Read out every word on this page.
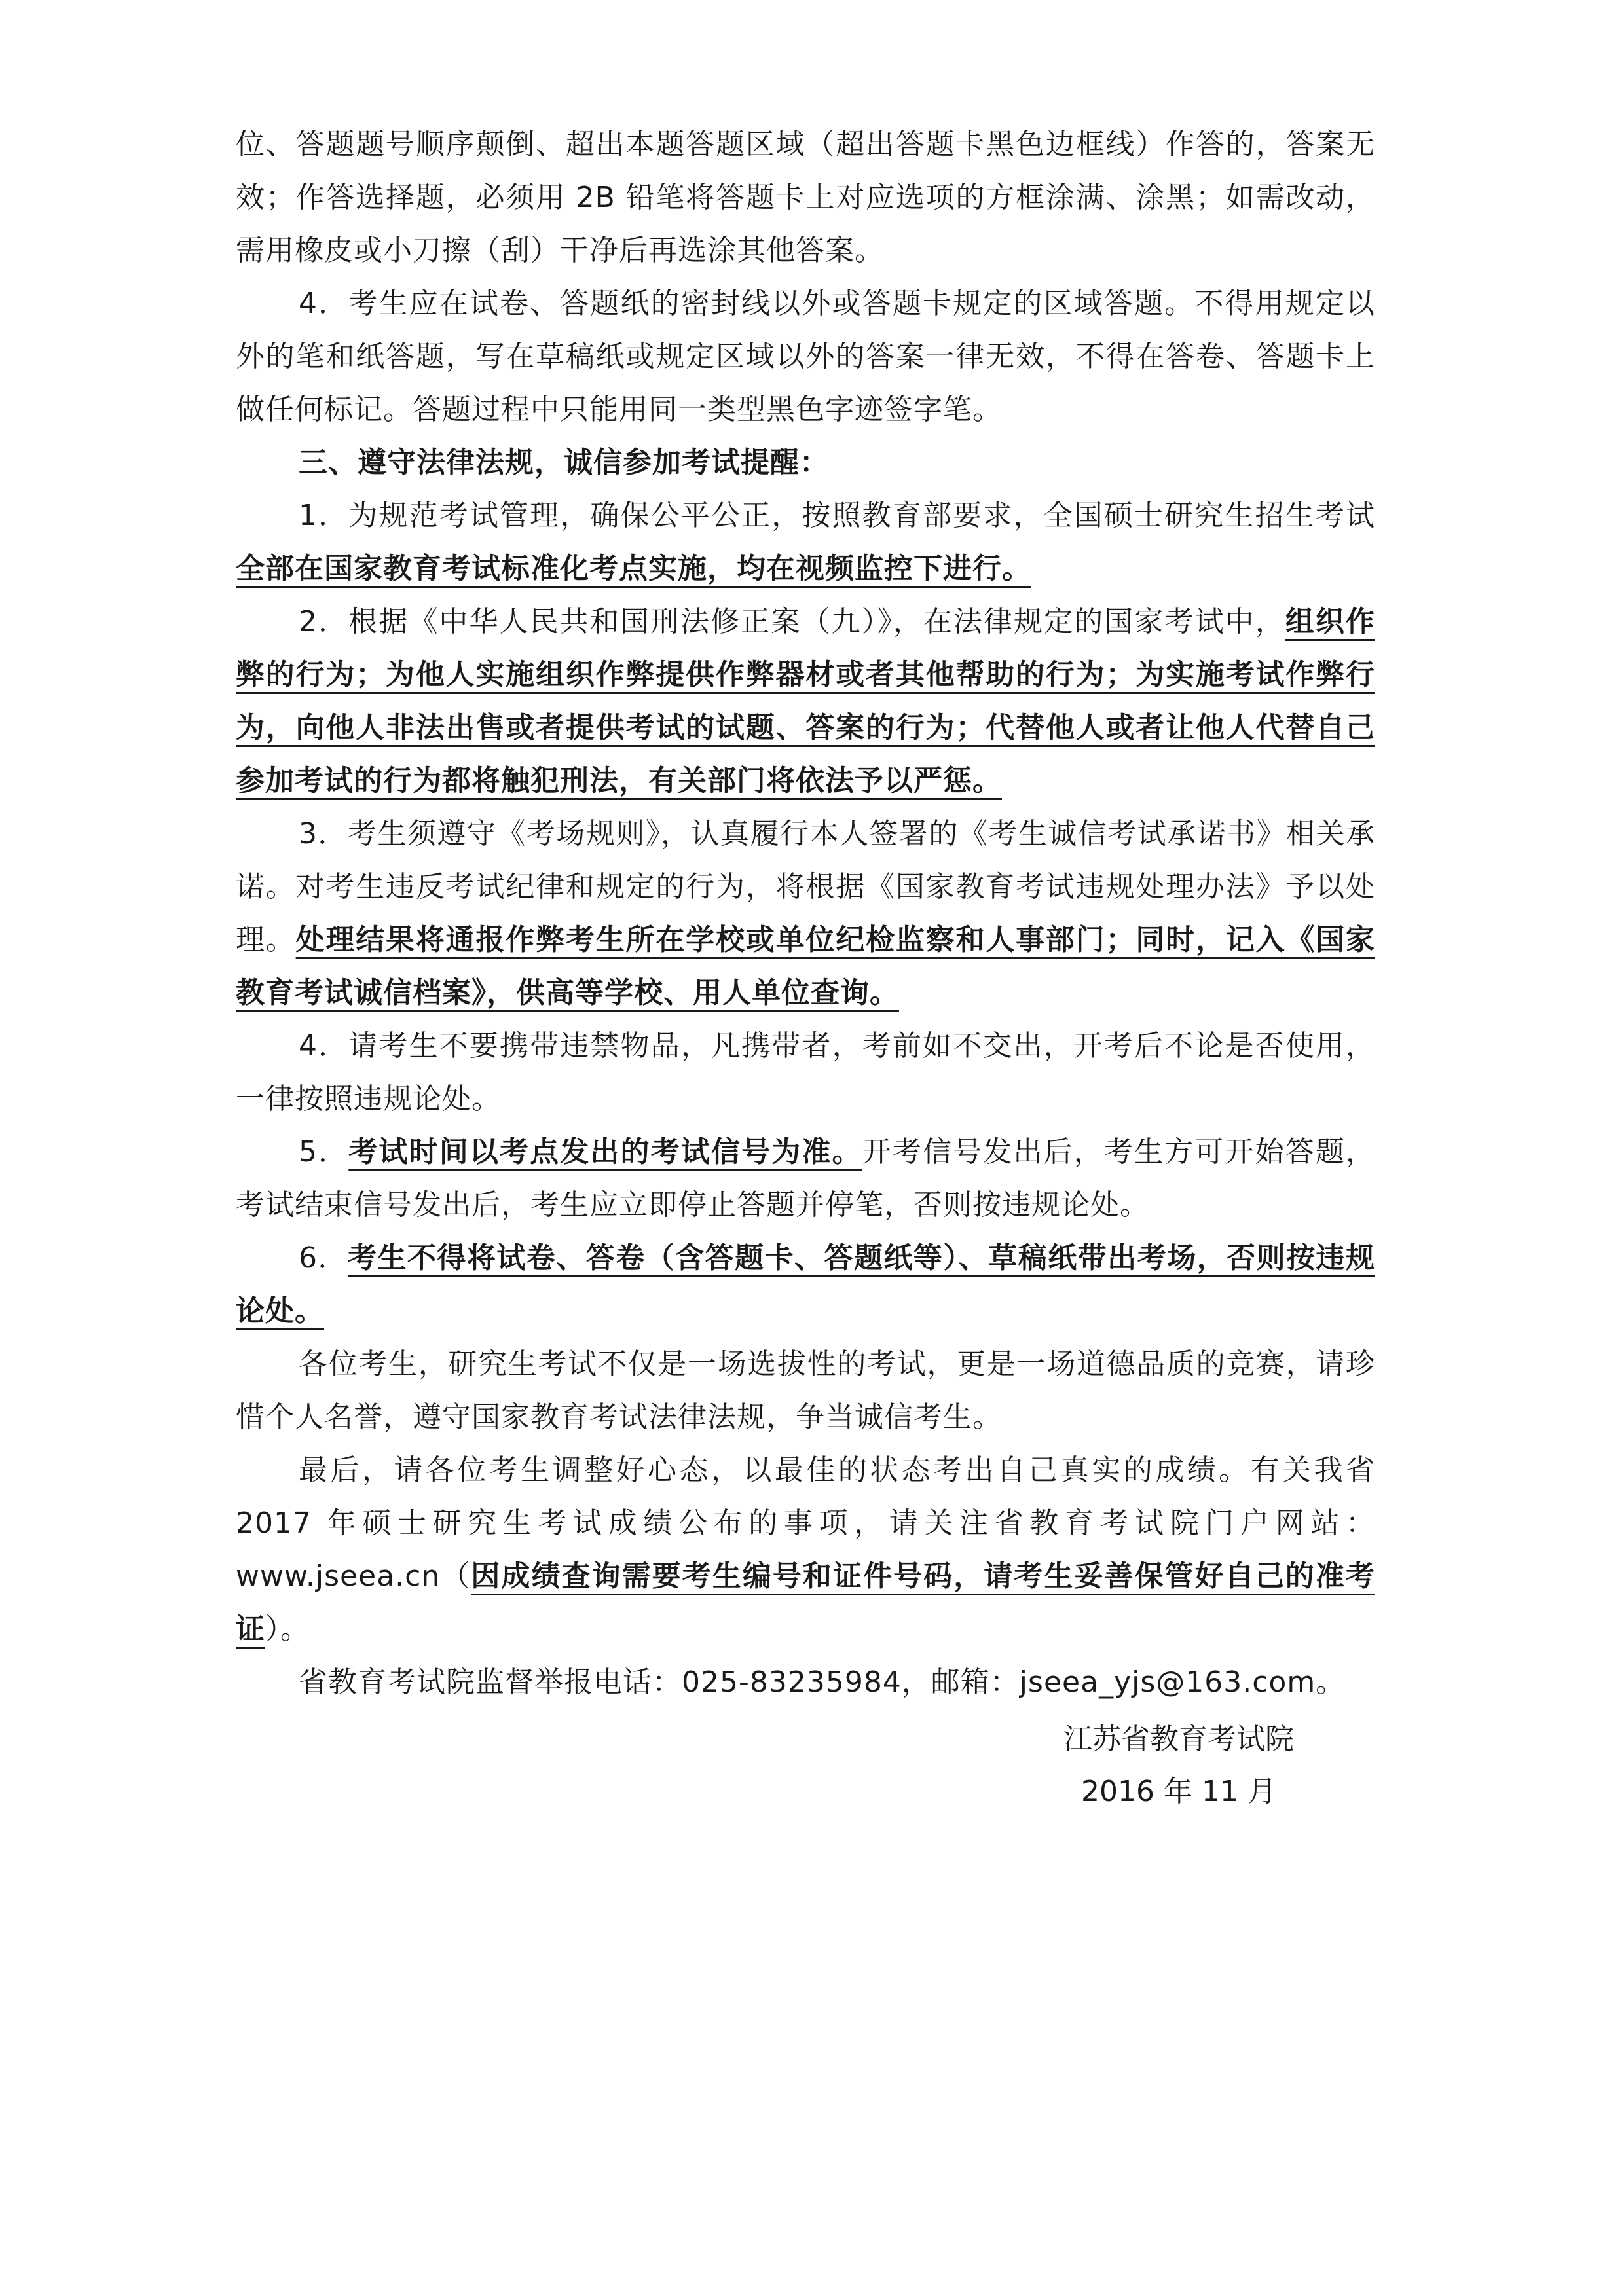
位、答题题号顺序颠倒、超出本题答题区域（超出答题卡黑色边框线）作答的，答案无效；作答选择题，必须用 2B 铅笔将答题卡上对应选项的方框涂满、涂黑；如需改动，需用橡皮或小刀擦（刮）干净后再选涂其他答案。

4．考生应在试卷、答题纸的密封线以外或答题卡规定的区域答题。不得用规定以外的笔和纸答题，写在草稿纸或规定区域以外的答案一律无效，不得在答卷、答题卡上做任何标记。答题过程中只能用同一类型黑色字迹签字笔。

三、遵守法律法规，诚信参加考试提醒：

1．为规范考试管理，确保公平公正，按照教育部要求，全国硕士研究生招生考试全部在国家教育考试标准化考点实施，均在视频监控下进行。

2．根据《中华人民共和国刑法修正案（九）》，在法律规定的国家考试中，组织作弊的行为；为他人实施组织作弊提供作弊器材或者其他帮助的行为；为实施考试作弊行为，向他人非法出售或者提供考试的试题、答案的行为；代替他人或者让他人代替自己参加考试的行为都将触犯刑法，有关部门将依法予以严惩。

3．考生须遵守《考场规则》，认真履行本人签署的《考生诚信考试承诺书》相关承诺。对考生违反考试纪律和规定的行为，将根据《国家教育考试违规处理办法》予以处理。处理结果将通报作弊考生所在学校或单位纪检监察和人事部门；同时，记入《国家教育考试诚信档案》，供高等学校、用人单位查询。

4．请考生不要携带违禁物品，凡携带者，考前如不交出，开考后不论是否使用，一律按照违规论处。

5．考试时间以考点发出的考试信号为准。开考信号发出后，考生方可开始答题，考试结束信号发出后，考生应立即停止答题并停笔，否则按违规论处。

6．考生不得将试卷、答卷（含答题卡、答题纸等）、草稿纸带出考场，否则按违规论处。

各位考生，研究生考试不仅是一场选拔性的考试，更是一场道德品质的竞赛，请珍惜个人名誉，遵守国家教育考试法律法规，争当诚信考生。

最后，请各位考生调整好心态，以最佳的状态考出自己真实的成绩。有关我省 2017 年硕士研究生考试成绩公布的事项，请关注省教育考试院门户网站：www.jseea.cn（因成绩查询需要考生编号和证件号码，请考生妥善保管好自己的准考证）。

省教育考试院监督举报电话：025-83235984，邮箱：jseea_yjs@163.com。

江苏省教育考试院
2016 年 11 月
